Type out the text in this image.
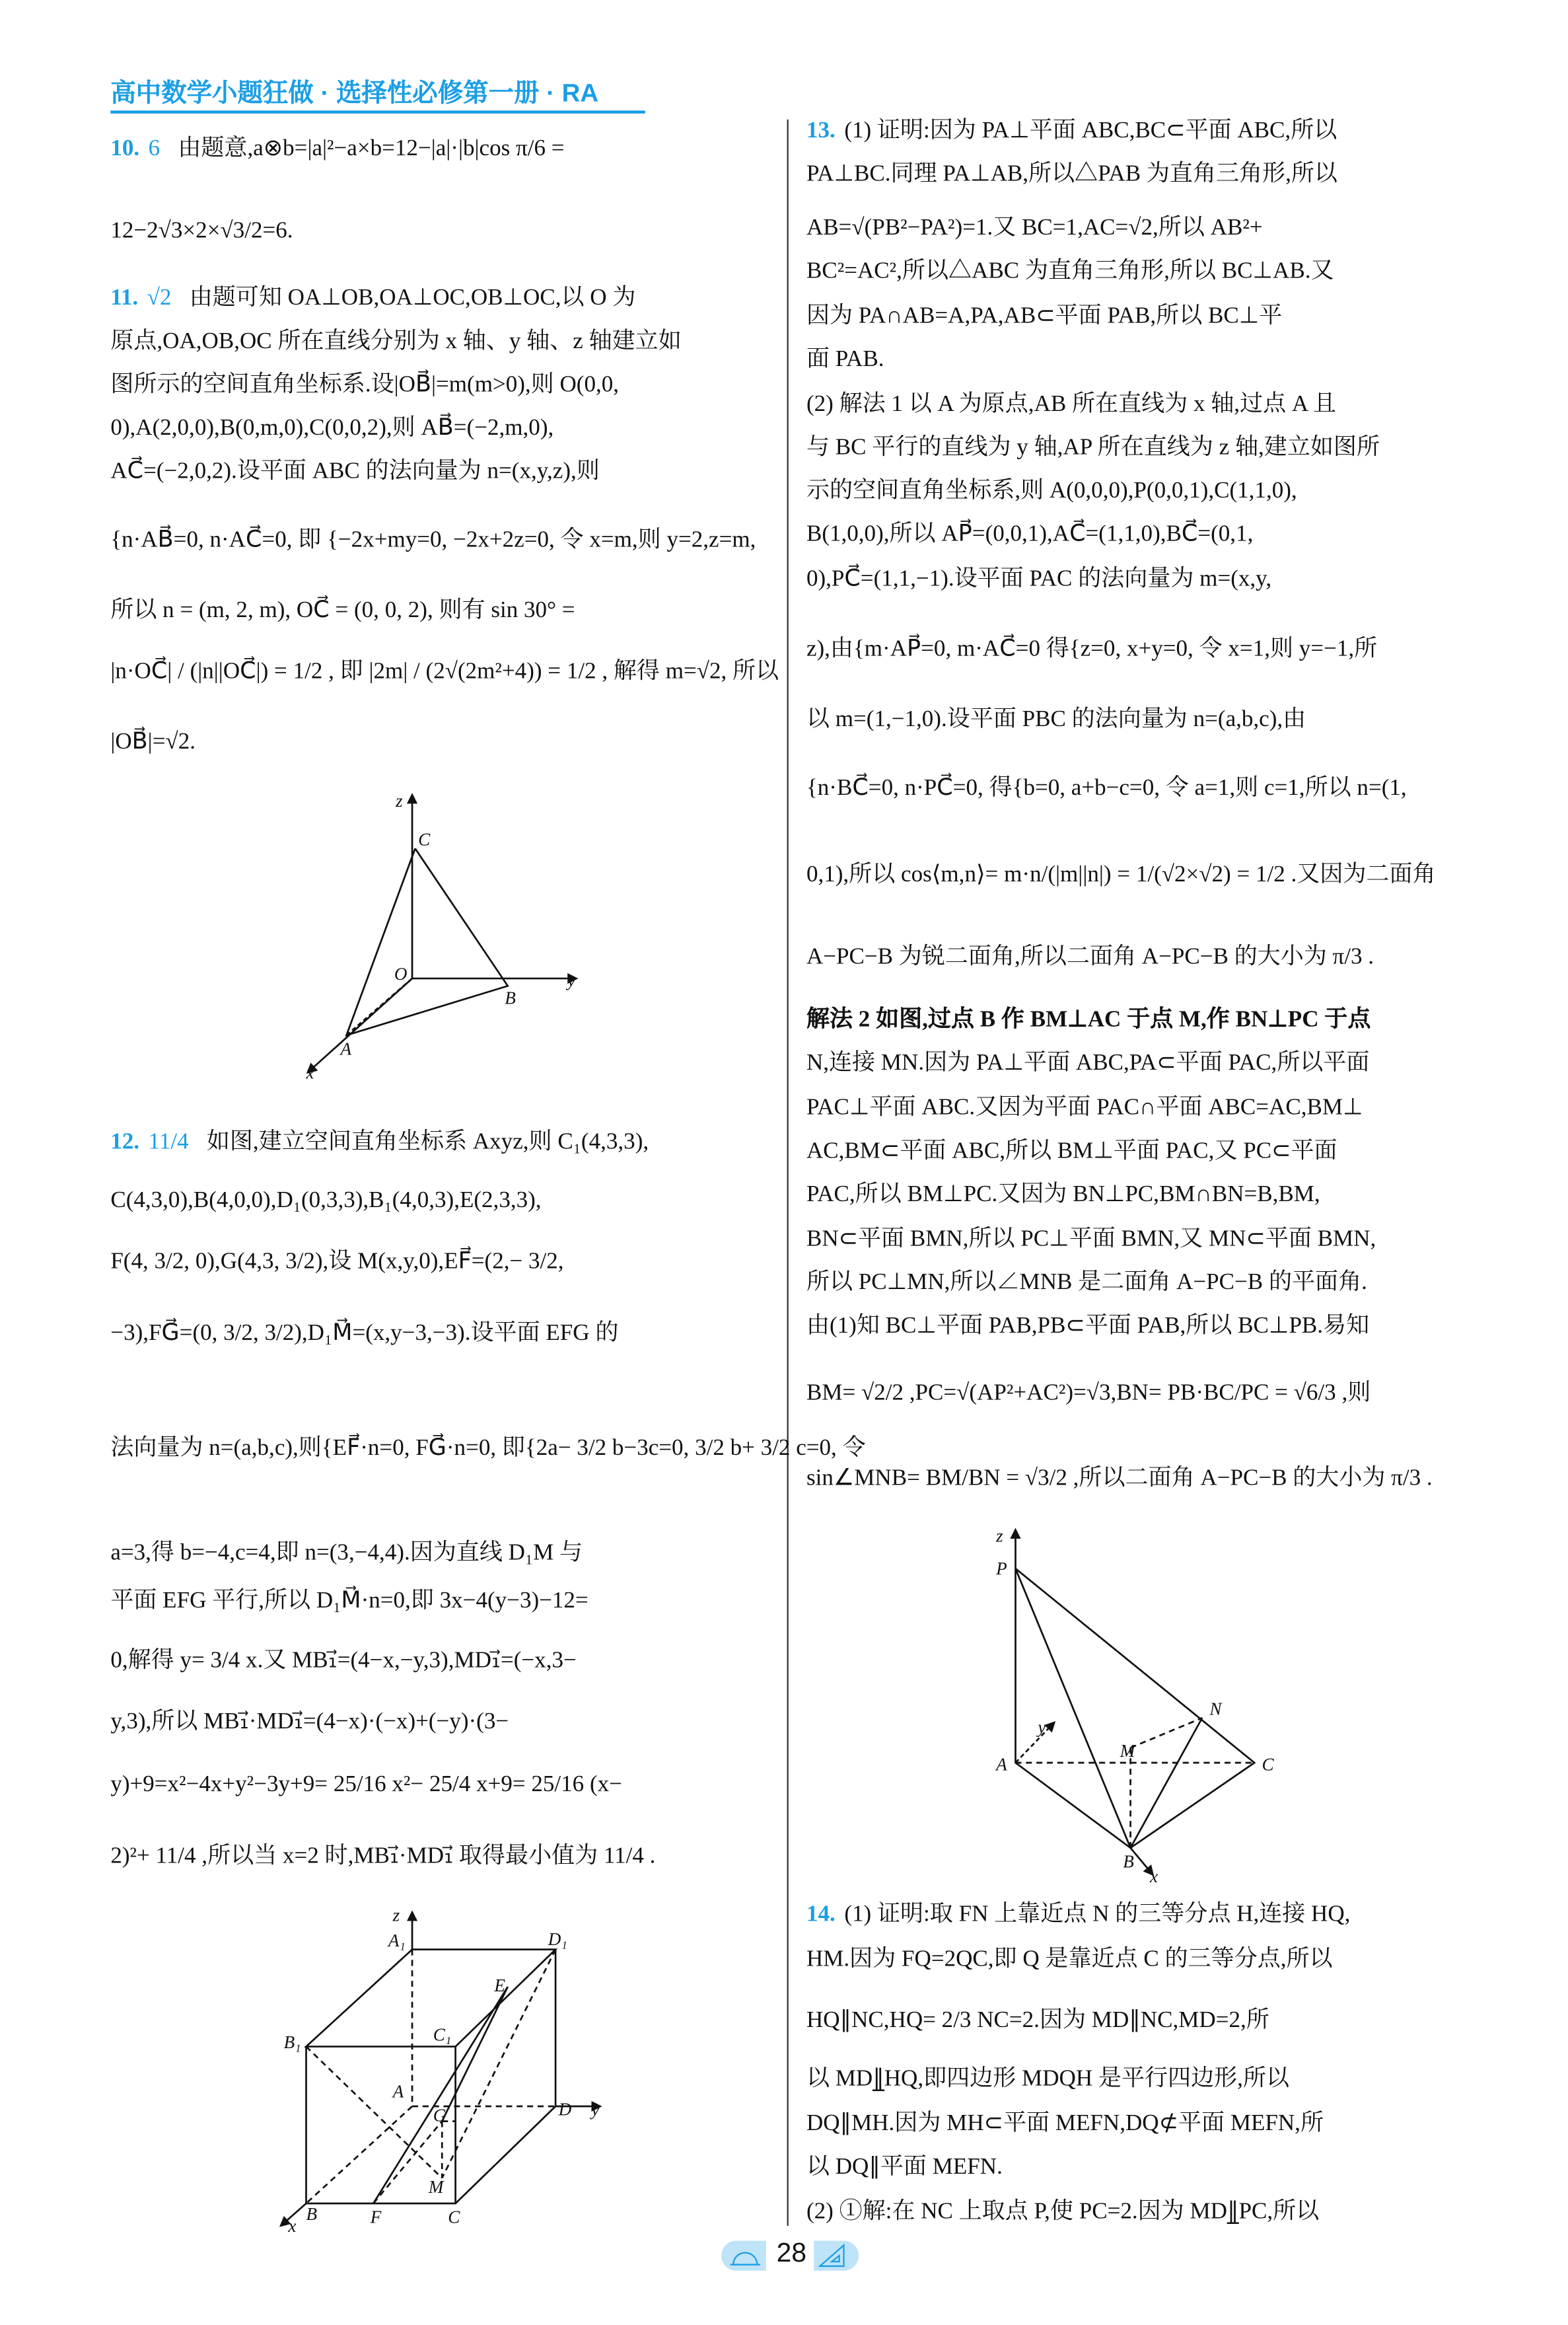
高中数学小题狂做 · 选择性必修第一册 · RA
10. 6 由题意,a⊗b=|a|²−a×b=12−|a|·|b|cos π/6 =
12−2√3×2×√3/2=6.
11. √2 由题可知 OA⊥OB,OA⊥OC,OB⊥OC,以 O 为
原点,OA,OB,OC 所在直线分别为 x 轴、y 轴、z 轴建立如
图所示的空间直角坐标系.设|OB⃗|=m(m>0),则 O(0,0,
0),A(2,0,0),B(0,m,0),C(0,0,2),则 AB⃗=(−2,m,0),
AC⃗=(−2,0,2).设平面 ABC 的法向量为 n=(x,y,z),则
{n·AB⃗=0, n·AC⃗=0, 即 {−2x+my=0, −2x+2z=0, 令 x=m,则 y=2,z=m,
所以 n = (m, 2, m), OC⃗ = (0, 0, 2), 则有 sin 30° =
|n·OC⃗| / (|n||OC⃗|) = 1/2 , 即 |2m| / (2√(2m²+4)) = 1/2 , 解得 m=√2, 所以
|OB⃗|=√2.
12. 11/4 如图,建立空间直角坐标系 Axyz,则 C₁(4,3,3),
C(4,3,0),B(4,0,0),D₁(0,3,3),B₁(4,0,3),E(2,3,3),
F(4, 3/2, 0),G(4,3, 3/2),设 M(x,y,0),EF⃗=(2,− 3/2,
−3),FG⃗=(0, 3/2, 3/2),D₁M⃗=(x,y−3,−3).设平面 EFG 的
法向量为 n=(a,b,c),则{EF⃗·n=0, FG⃗·n=0, 即{2a− 3/2 b−3c=0, 3/2 b+ 3/2 c=0, 令
a=3,得 b=−4,c=4,即 n=(3,−4,4).因为直线 D₁M 与
平面 EFG 平行,所以 D₁M⃗·n=0,即 3x−4(y−3)−12=
0,解得 y= 3/4 x.又 MB₁⃗=(4−x,−y,3),MD₁⃗=(−x,3−
y,3),所以 MB₁⃗·MD₁⃗=(4−x)·(−x)+(−y)·(3−
y)+9=x²−4x+y²−3y+9= 25/16 x²− 25/4 x+9= 25/16 (x−
2)²+ 11/4 ,所以当 x=2 时,MB₁⃗·MD₁⃗ 取得最小值为 11/4 .
13. (1) 证明:因为 PA⊥平面 ABC,BC⊂平面 ABC,所以
PA⊥BC.同理 PA⊥AB,所以△PAB 为直角三角形,所以
AB=√(PB²−PA²)=1.又 BC=1,AC=√2,所以 AB²+
BC²=AC²,所以△ABC 为直角三角形,所以 BC⊥AB.又
因为 PA∩AB=A,PA,AB⊂平面 PAB,所以 BC⊥平
面 PAB.
(2) 解法 1 以 A 为原点,AB 所在直线为 x 轴,过点 A 且
与 BC 平行的直线为 y 轴,AP 所在直线为 z 轴,建立如图所
示的空间直角坐标系,则 A(0,0,0),P(0,0,1),C(1,1,0),
B(1,0,0),所以 AP⃗=(0,0,1),AC⃗=(1,1,0),BC⃗=(0,1,
0),PC⃗=(1,1,−1).设平面 PAC 的法向量为 m=(x,y,
z),由{m·AP⃗=0, m·AC⃗=0 得{z=0, x+y=0, 令 x=1,则 y=−1,所
以 m=(1,−1,0).设平面 PBC 的法向量为 n=(a,b,c),由
{n·BC⃗=0, n·PC⃗=0, 得{b=0, a+b−c=0, 令 a=1,则 c=1,所以 n=(1,
0,1),所以 cos⟨m,n⟩= m·n/(|m||n|) = 1/(√2×√2) = 1/2 .又因为二面角
A−PC−B 为锐二面角,所以二面角 A−PC−B 的大小为 π/3 .
解法 2 如图,过点 B 作 BM⊥AC 于点 M,作 BN⊥PC 于点
N,连接 MN.因为 PA⊥平面 ABC,PA⊂平面 PAC,所以平面
PAC⊥平面 ABC.又因为平面 PAC∩平面 ABC=AC,BM⊥
AC,BM⊂平面 ABC,所以 BM⊥平面 PAC,又 PC⊂平面
PAC,所以 BM⊥PC.又因为 BN⊥PC,BM∩BN=B,BM,
BN⊂平面 BMN,所以 PC⊥平面 BMN,又 MN⊂平面 BMN,
所以 PC⊥MN,所以∠MNB 是二面角 A−PC−B 的平面角.
由(1)知 BC⊥平面 PAB,PB⊂平面 PAB,所以 BC⊥PB.易知
BM= √2/2 ,PC=√(AP²+AC²)=√3,BN= PB·BC/PC = √6/3 ,则
sin∠MNB= BM/BN = √3/2 ,所以二面角 A−PC−B 的大小为 π/3 .
14. (1) 证明:取 FN 上靠近点 N 的三等分点 H,连接 HQ,
HM.因为 FQ=2QC,即 Q 是靠近点 C 的三等分点,所以
HQ∥NC,HQ= 2/3 NC=2.因为 MD∥NC,MD=2,所
以 MD∥̲HQ,即四边形 MDQH 是平行四边形,所以
DQ∥MH.因为 MH⊂平面 MEFN,DQ⊄平面 MEFN,所
以 DQ∥平面 MEFN.
(2) ①解:在 NC 上取点 P,使 PC=2.因为 MD∥̲PC,所以
z
C
O
B
y
A
x
z
A₁	D₁
E
B₁	C₁
A
G	D	y
M
B	F	C
x
z
P
N
y
M
A	C
B
x
28
